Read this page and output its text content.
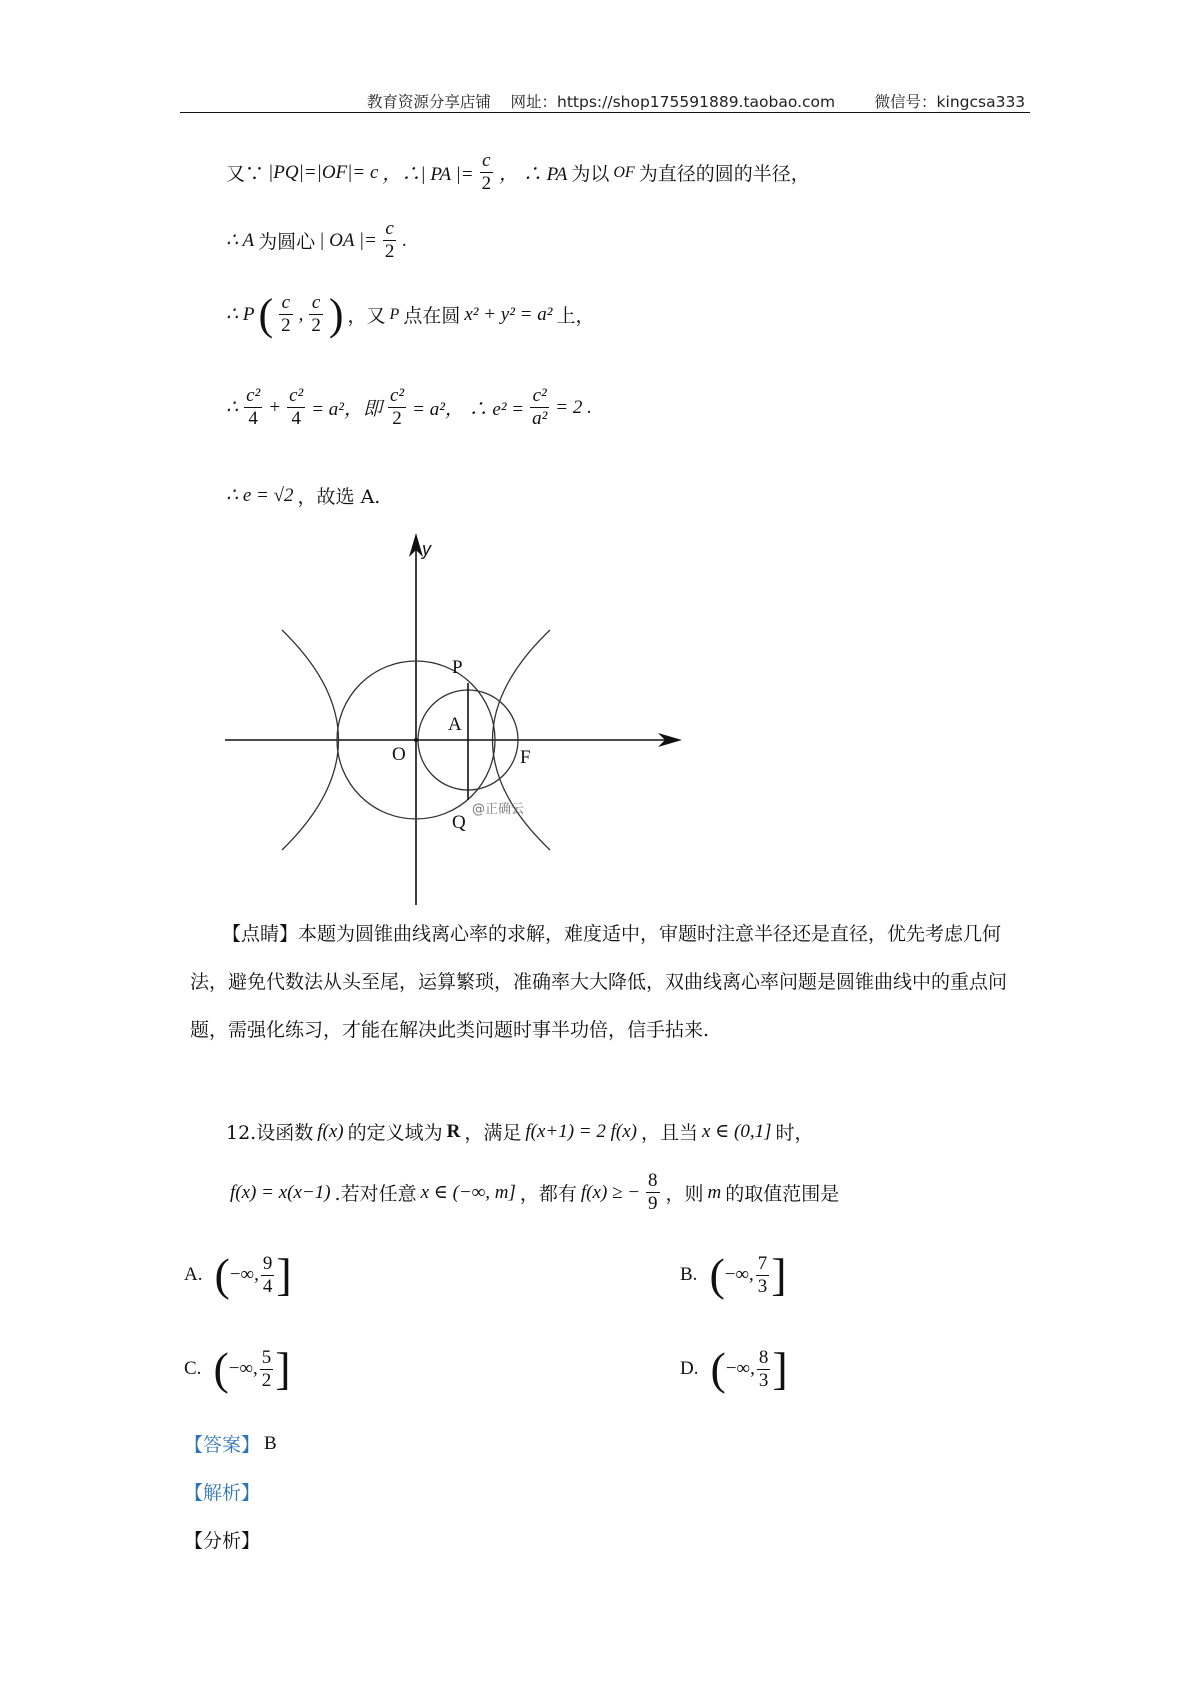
教育资源分享店铺    网址：https://shop175591889.taobao.com        微信号：kingcsa333
又∵ |PQ|=|OF|= c ，∴| PA |= $\frac{c}{2}$ ， ∴ PA 为以 OF 为直径的圆的半径，
∴ A 为圆心 | OA |= $\frac{c}{2}$ .
∴ P ( $\frac{c}{2}$ , $\frac{c}{2}$ ) ，又 P 点在圆 x² + y² = a² 上，
∴ $\frac{\text{c²}}{4} + \frac{\text{c²}}{4} = a^2$，即 $\frac{\text{c²}}{2} = a^2$， ∴ $e^2 = \frac{\text{c²}}{\text{a²}} = 2$ .
∴ e = √2 ，故选 A.
y
P
A
O	F
Q
@正确云
【点睛】本题为圆锥曲线离心率的求解，难度适中，审题时注意半径还是直径，优先考虑几何法，避免代数法从头至尾，运算繁琐，准确率大大降低，双曲线离心率问题是圆锥曲线中的重点问题，需强化练习，才能在解决此类问题时事半功倍，信手拈来.
12.设函数 f(x) 的定义域为 R ，满足 f(x+1) = 2 f(x) ，且当 x ∈ (0,1] 时，
f(x) = x(x−1) .若对任意 x ∈ (−∞, m] ，都有 f(x) ≥ − $\frac{8}{9}$ ，则 m 的取值范围是
A. ( −∞, $\frac{9}{4}$ ]	B. ( −∞, $\frac{7}{3}$ ]
C. ( −∞, $\frac{5}{2}$ ]	D. ( −∞, $\frac{8}{3}$ ]
【答案】 B
【解析】
【分析】
